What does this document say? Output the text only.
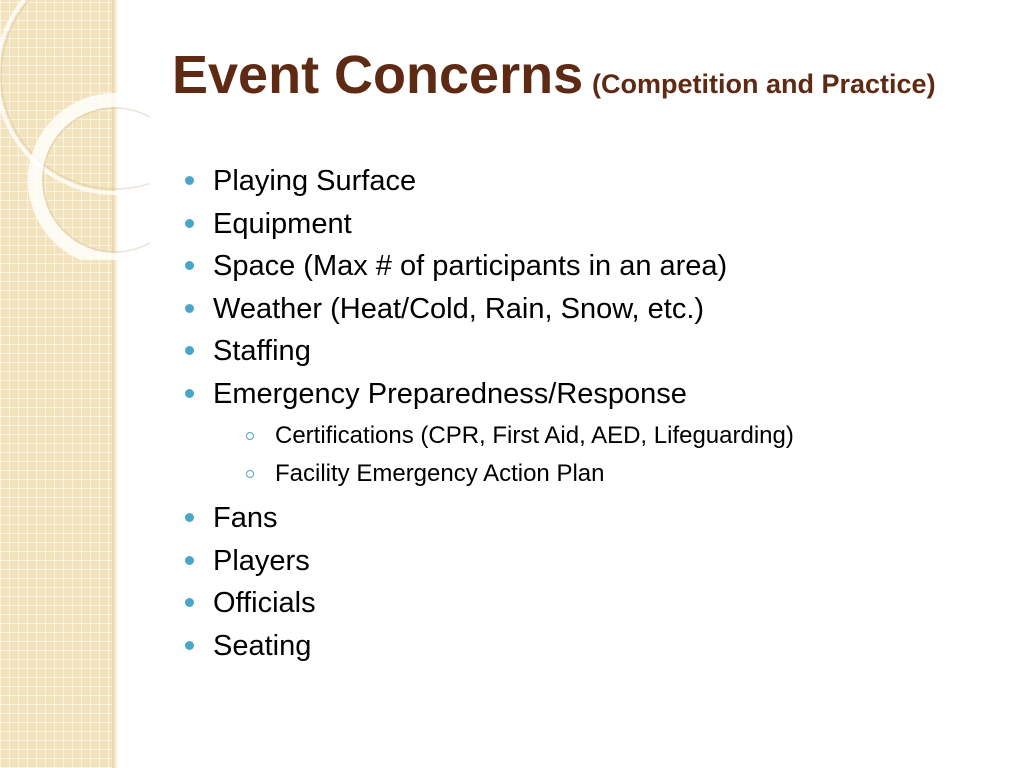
Event Concerns (Competition and Practice)
Playing Surface
Equipment
Space (Max # of participants in an area)
Weather (Heat/Cold, Rain, Snow, etc.)
Staffing
Emergency Preparedness/Response
Certifications (CPR, First Aid, AED, Lifeguarding)
Facility Emergency Action Plan
Fans
Players
Officials
Seating
